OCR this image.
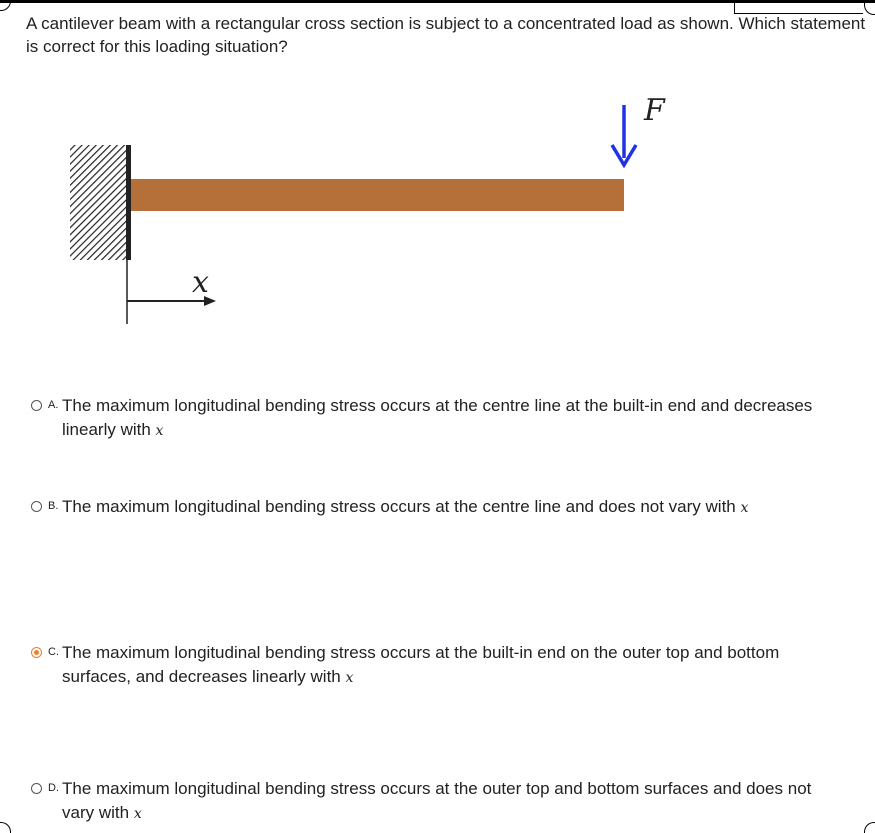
A cantilever beam with a rectangular cross section is subject to a concentrated load as shown. Which statement is correct for this loading situation?
F
x
A. The maximum longitudinal bending stress occurs at the centre line at the built-in end and decreases linearly with x
B. The maximum longitudinal bending stress occurs at the centre line and does not vary with x
C. The maximum longitudinal bending stress occurs at the built-in end on the outer top and bottom surfaces, and decreases linearly with x
D. The maximum longitudinal bending stress occurs at the outer top and bottom surfaces and does not vary with x
